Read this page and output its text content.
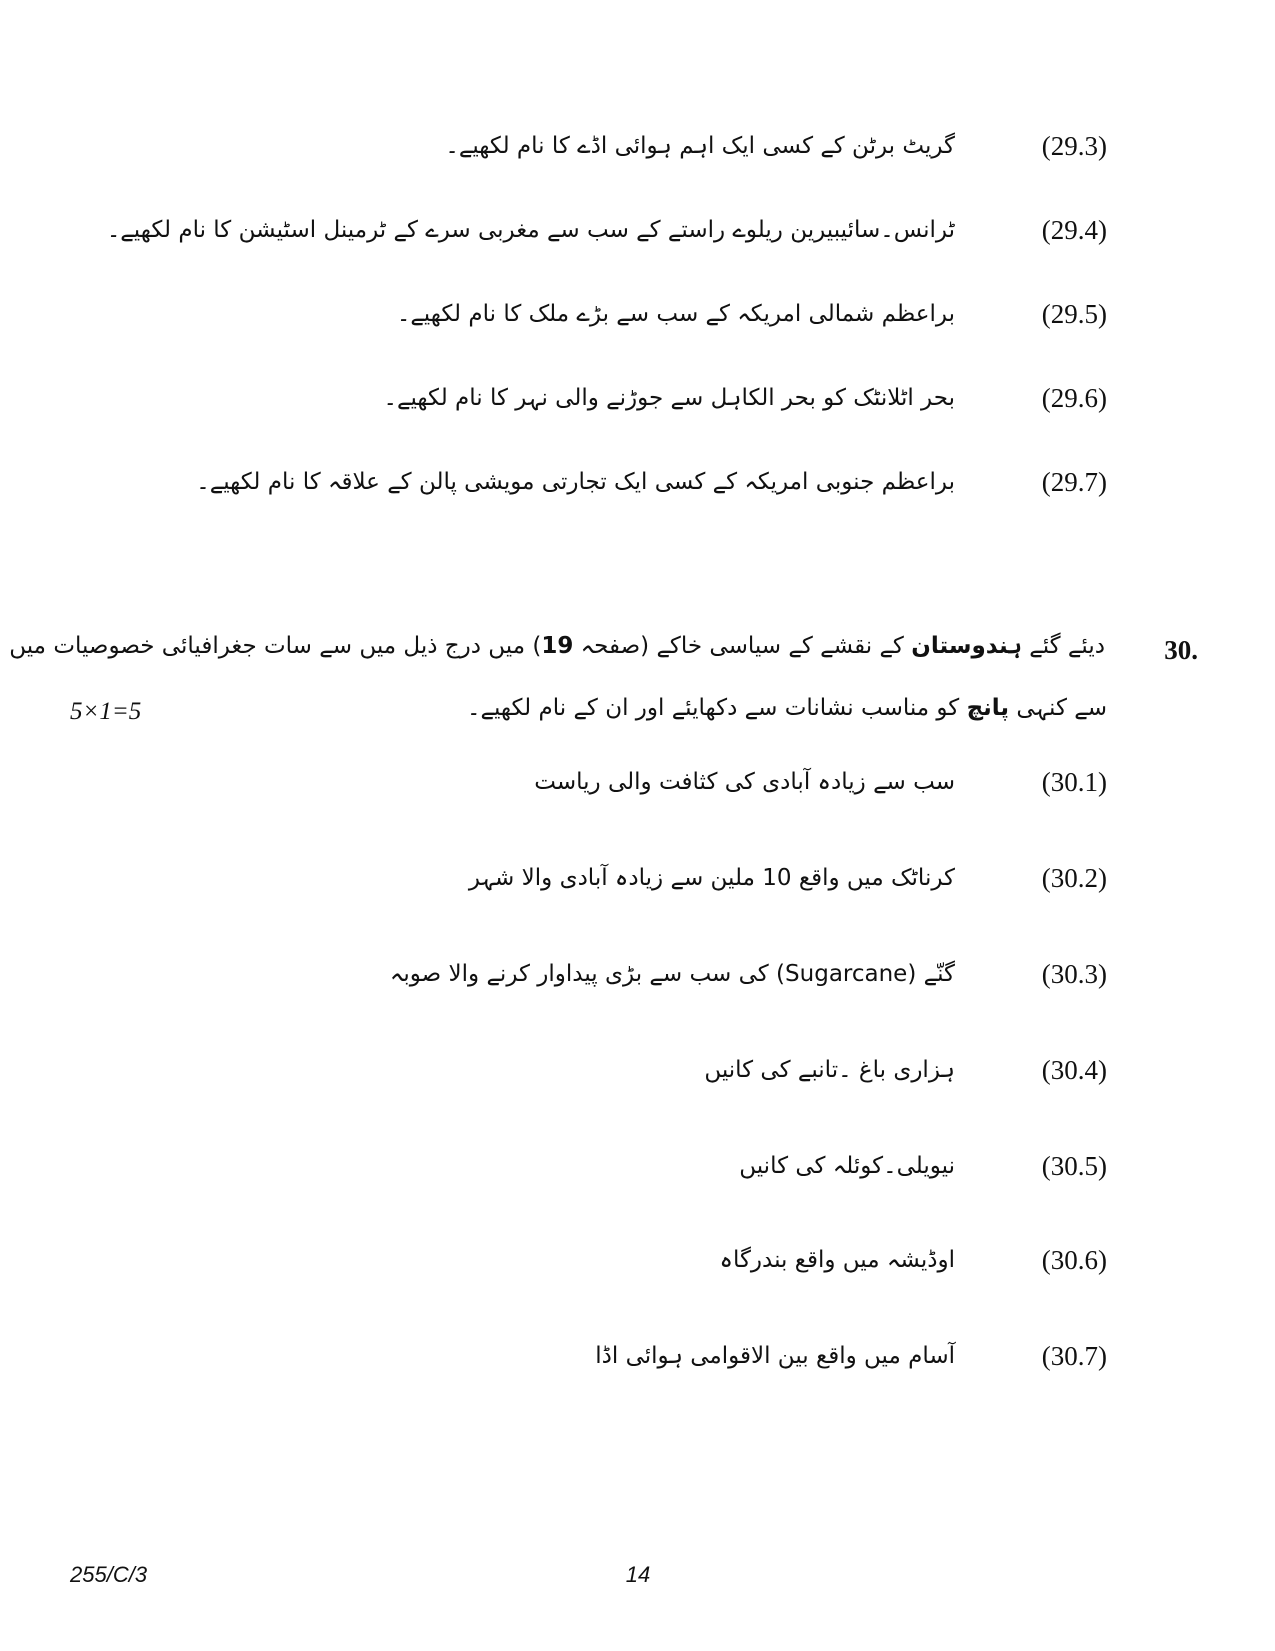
(29.3)
گریٹ برٹن کے کسی ایک اہم ہوائی اڈے کا نام لکھیے۔
(29.4)
ٹرانس۔سائیبیرین ریلوے راستے کے سب سے مغربی سرے کے ٹرمینل اسٹیشن کا نام لکھیے۔
(29.5)
براعظم شمالی امریکہ کے سب سے بڑے ملک کا نام لکھیے۔
(29.6)
بحر اٹلانٹک کو بحر الکاہل سے جوڑنے والی نہر کا نام لکھیے۔
(29.7)
براعظم جنوبی امریکہ کے کسی ایک تجارتی مویشی پالن کے علاقہ کا نام لکھیے۔
30.
دیئے گئے ہندوستان کے نقشے کے سیاسی خاکے (صفحہ 19) میں درج ذیل میں سے سات جغرافیائی خصوصیات میں
سے کنہی پانچ کو مناسب نشانات سے دکھایئے اور ان کے نام لکھیے۔
5×1=5
(30.1)
سب سے زیادہ آبادی کی کثافت والی ریاست
(30.2)
کرناٹک میں واقع 10 ملین سے زیادہ آبادی والا شہر
(30.3)
گنّے (Sugarcane) کی سب سے بڑی پیداوار کرنے والا صوبہ
(30.4)
ہزاری باغ ۔تانبے کی کانیں
(30.5)
نیویلی۔کوئلہ کی کانیں
(30.6)
اوڈیشہ میں واقع بندرگاہ
(30.7)
آسام میں واقع بین الاقوامی ہوائی اڈا
255/C/3	14
